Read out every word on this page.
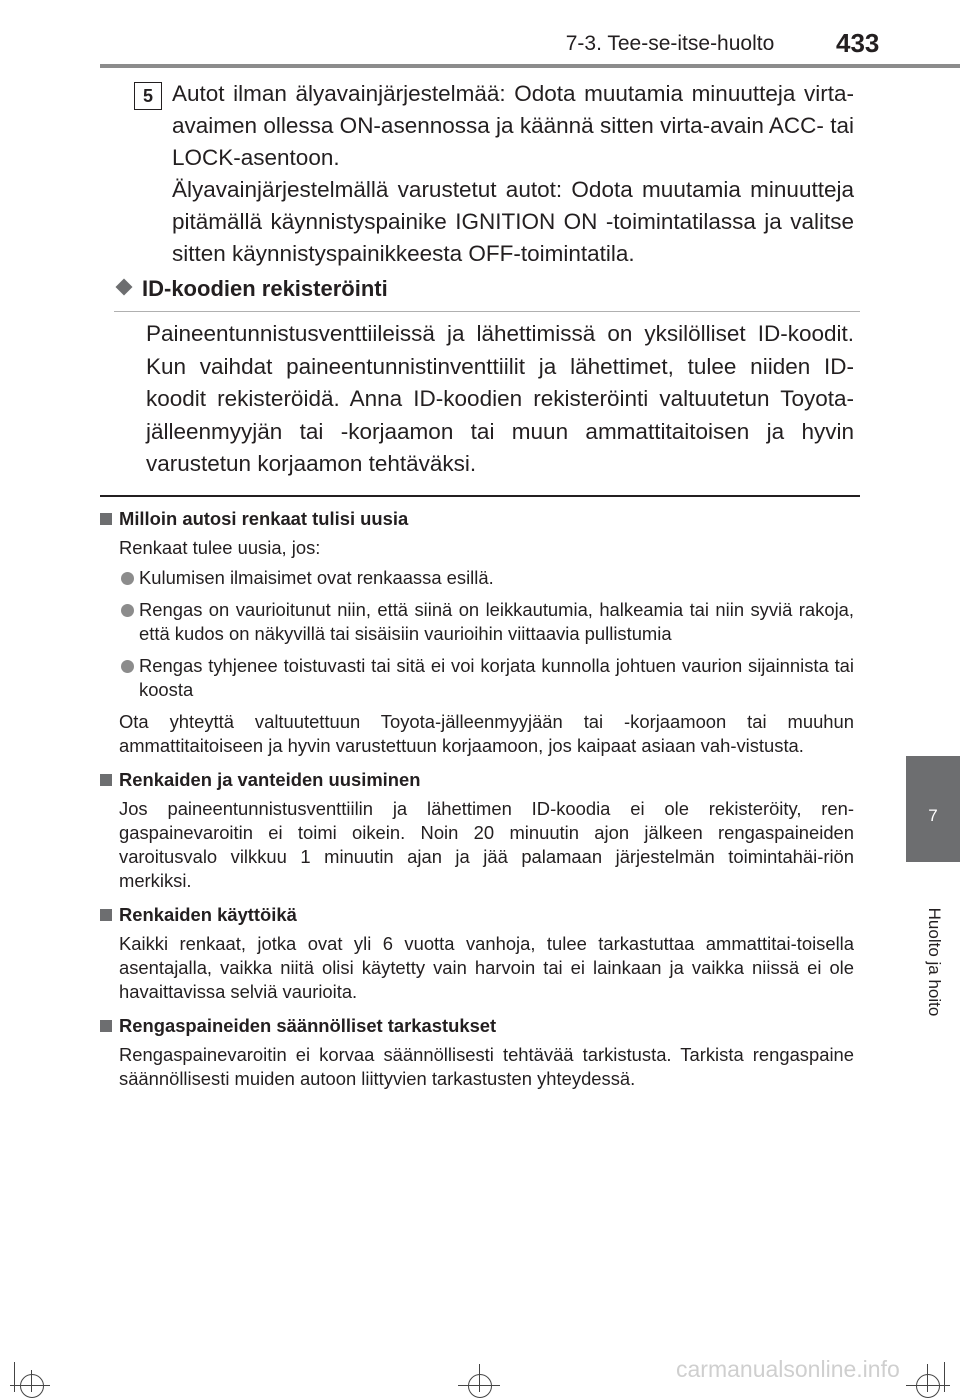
7-3. Tee-se-itse-huolto	433
7
Huolto ja hoito
5 Autot ilman älyavainjärjestelmää: Odota muutamia minuutteja virta-avaimen ollessa ON-asennossa ja käännä sitten virta-avain ACC- tai LOCK-asentoon.

Älyavainjärjestelmällä varustetut autot: Odota muutamia minuutteja pitämällä käynnistyspainike IGNITION ON -toimintatilassa ja valitse sitten käynnistyspainikkeesta OFF-toimintatila.

ID-koodien rekisteröinti

Paineentunnistusventtiileissä ja lähettimissä on yksilölliset ID-koodit. Kun vaihdat paineentunnistinventtiilit ja lähettimet, tulee niiden ID-koodit rekisteröidä. Anna ID-koodien rekisteröinti valtuutetun Toyota-jälleenmyyjän tai -korjaamon tai muun ammattitaitoisen ja hyvin varustetun korjaamon tehtäväksi.

Milloin autosi renkaat tulisi uusia

Renkaat tulee uusia, jos:

Kulumisen ilmaisimet ovat renkaassa esillä.

Rengas on vaurioitunut niin, että siinä on leikkautumia, halkeamia tai niin syviä rakoja, että kudos on näkyvillä tai sisäisiin vaurioihin viittaavia pullistumia

Rengas tyhjenee toistuvasti tai sitä ei voi korjata kunnolla johtuen vaurion sijainnista tai koosta

Ota yhteyttä valtuutettuun Toyota-jälleenmyyjään tai -korjaamoon tai muuhun ammattitaitoiseen ja hyvin varustettuun korjaamoon, jos kaipaat asiaan vah-vistusta.

Renkaiden ja vanteiden uusiminen

Jos paineentunnistusventtiilin ja lähettimen ID-koodia ei ole rekisteröity, ren-gaspainevaroitin ei toimi oikein. Noin 20 minuutin ajon jälkeen rengaspaineiden varoitusvalo vilkkuu 1 minuutin ajan ja jää palamaan järjestelmän toimintahäi-riön merkiksi.

Renkaiden käyttöikä

Kaikki renkaat, jotka ovat yli 6 vuotta vanhoja, tulee tarkastuttaa ammattitai-toisella asentajalla, vaikka niitä olisi käytetty vain harvoin tai ei lainkaan ja vaikka niissä ei ole havaittavissa selviä vaurioita.

Rengaspaineiden säännölliset tarkastukset

Rengaspainevaroitin ei korvaa säännöllisesti tehtävää tarkistusta. Tarkista rengaspaine säännöllisesti muiden autoon liittyvien tarkastusten yhteydessä.

carmanualsonline.info
